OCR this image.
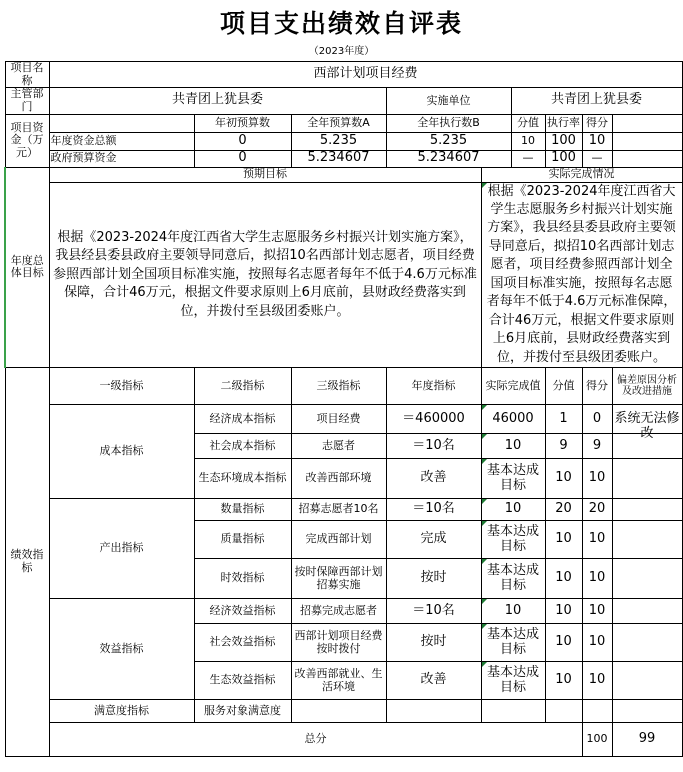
项目支出绩效自评表
（2023年度）
项目名称	西部计划项目经费									
主管部门	共青团上犹县委			实施单位		共青团上犹县委				
项目资金（万元）		年初预算数	全年预算数A	全年执行数B		分值	执行率	得分		
	年度资金总额	0	5.235	5.235		10	100	10		
	政府预算资金	0	5.234607	5.234607		—	100	—		
年度总体目标	预期目标				实际完成情况					
	根据《2023-2024年度江西省大学生志愿服务乡村振兴计划实施方案》，我县经县委县政府主要领导同意后，拟招10名西部计划志愿者，项目经费参照西部计划全国项目标准实施，按照每名志愿者每年不低于4.6万元标准保障，合计46万元，根据文件要求原则上6月底前，县财政经费落实到位，并拨付至县级团委账户。				根据《2023-2024年度江西省大学生志愿服务乡村振兴计划实施方案》，我县经县委县政府主要领导同意后，拟招10名西部计划志愿者，项目经费参照西部计划全国项目标准实施，按照每名志愿者每年不低于4.6万元标准保障，合计46万元，根据文件要求原则上6月底前，县财政经费落实到位，并拨付至县级团委账户。					
绩效指标	一级指标	二级指标	三级指标	年度指标	实际完成值		分值	得分	偏差原因分析及改进措施	
	成本指标	经济成本指标	项目经费	＝460000	46000		1	0	系统无法修改	

		社会成本指标	志愿者	＝10名	10		9	9		
		生态环境成本指标	改善西部环境	改善	基本达成目标		10	10		
	产出指标	数量指标	招募志愿者10名	＝10名	10		20	20		
		质量指标	完成西部计划	完成	基本达成目标		10	10		
		时效指标	按时保障西部计划招募实施	按时	基本达成目标		10	10		
	效益指标	经济效益指标	招募完成志愿者	＝10名	10		10	10		
		社会效益指标	西部计划项目经费按时拨付	按时	基本达成目标		10	10		
		生态效益指标	改善西部就业、生活环境	改善	基本达成目标		10	10		
	满意度指标	服务对象满意度								
	总分							100	99	
